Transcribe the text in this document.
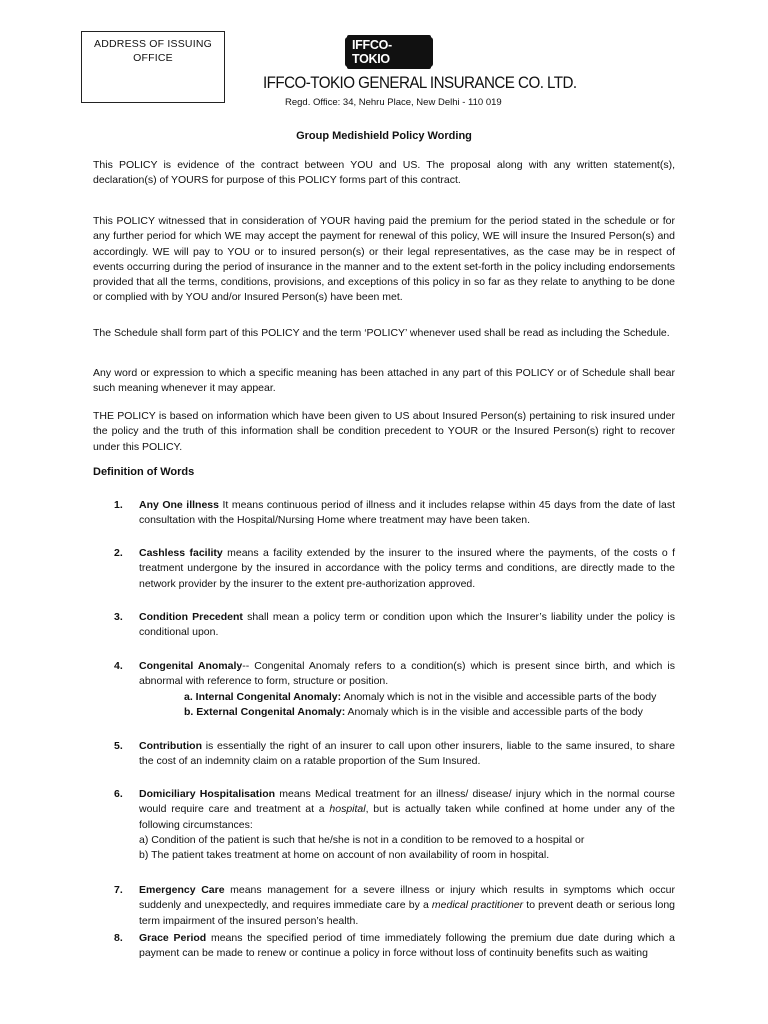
ADDRESS OF ISSUING OFFICE
IFFCO-TOKIO
IFFCO-TOKIO GENERAL INSURANCE CO. LTD.
Regd. Office: 34, Nehru Place, New Delhi - 110 019
Group Medishield Policy Wording

This POLICY is evidence of the contract between YOU and US. The proposal along with any written statement(s), declaration(s) of YOURS for purpose of this POLICY forms part of this contract.

This POLICY witnessed that in consideration of YOUR having paid the premium for the period stated in the schedule or for any further period for which WE may accept the payment for renewal of this policy, WE will insure the Insured Person(s) and accordingly. WE will pay to YOU or to insured person(s) or their legal representatives, as the case may be in respect of events occurring during the period of insurance in the manner and to the extent set-forth in the policy including endorsements provided that all the terms, conditions, provisions, and exceptions of this policy in so far as they relate to anything to be done or complied with by YOU and/or Insured Person(s) have been met.

The Schedule shall form part of this POLICY and the term ‘POLICY’ whenever used shall be read as including the Schedule.

Any word or expression to which a specific meaning has been attached in any part of this POLICY or of Schedule shall bear such meaning whenever it may appear.

THE POLICY is based on information which have been given to US about Insured Person(s) pertaining to risk insured under the policy and the truth of this information shall be condition precedent to YOUR or the Insured Person(s) right to recover under this POLICY.

Definition of Words
1.	Any One illness It means continuous period of illness and it includes relapse within 45 days from the date of last consultation with the Hospital/Nursing Home where treatment may have been taken.
2.	Cashless facility means a facility extended by the insurer to the insured where the payments, of the costs o f treatment undergone by the insured in accordance with the policy terms and conditions, are directly made to the network provider by the insurer to the extent pre-authorization approved.
3.	Condition Precedent shall mean a policy term or condition upon which the Insurer’s liability under the policy is conditional upon.
4.	Congenital Anomaly-- Congenital Anomaly refers to a condition(s) which is present since birth, and which is abnormal with reference to form, structure or position.
a. Internal Congenital Anomaly: Anomaly which is not in the visible and accessible parts of the body
b. External Congenital Anomaly: Anomaly which is in the visible and accessible parts of the body
5.	Contribution is essentially the right of an insurer to call upon other insurers, liable to the same insured, to share the cost of an indemnity claim on a ratable proportion of the Sum Insured.
6.	Domiciliary Hospitalisation means Medical treatment for an illness/ disease/ injury which in the normal course would require care and treatment at a hospital, but is actually taken while confined at home under any of the following circumstances:
a) Condition of the patient is such that he/she is not in a condition to be removed to a hospital or
b) The patient takes treatment at home on account of non availability of room in hospital.
7.	Emergency Care means management for a severe illness or injury which results in symptoms which occur suddenly and unexpectedly, and requires immediate care by a medical practitioner to prevent death or serious long term impairment of the insured person’s health.
8.	Grace Period means the specified period of time immediately following the premium due date during which a payment can be made to renew or continue a policy in force without loss of continuity benefits such as waiting
